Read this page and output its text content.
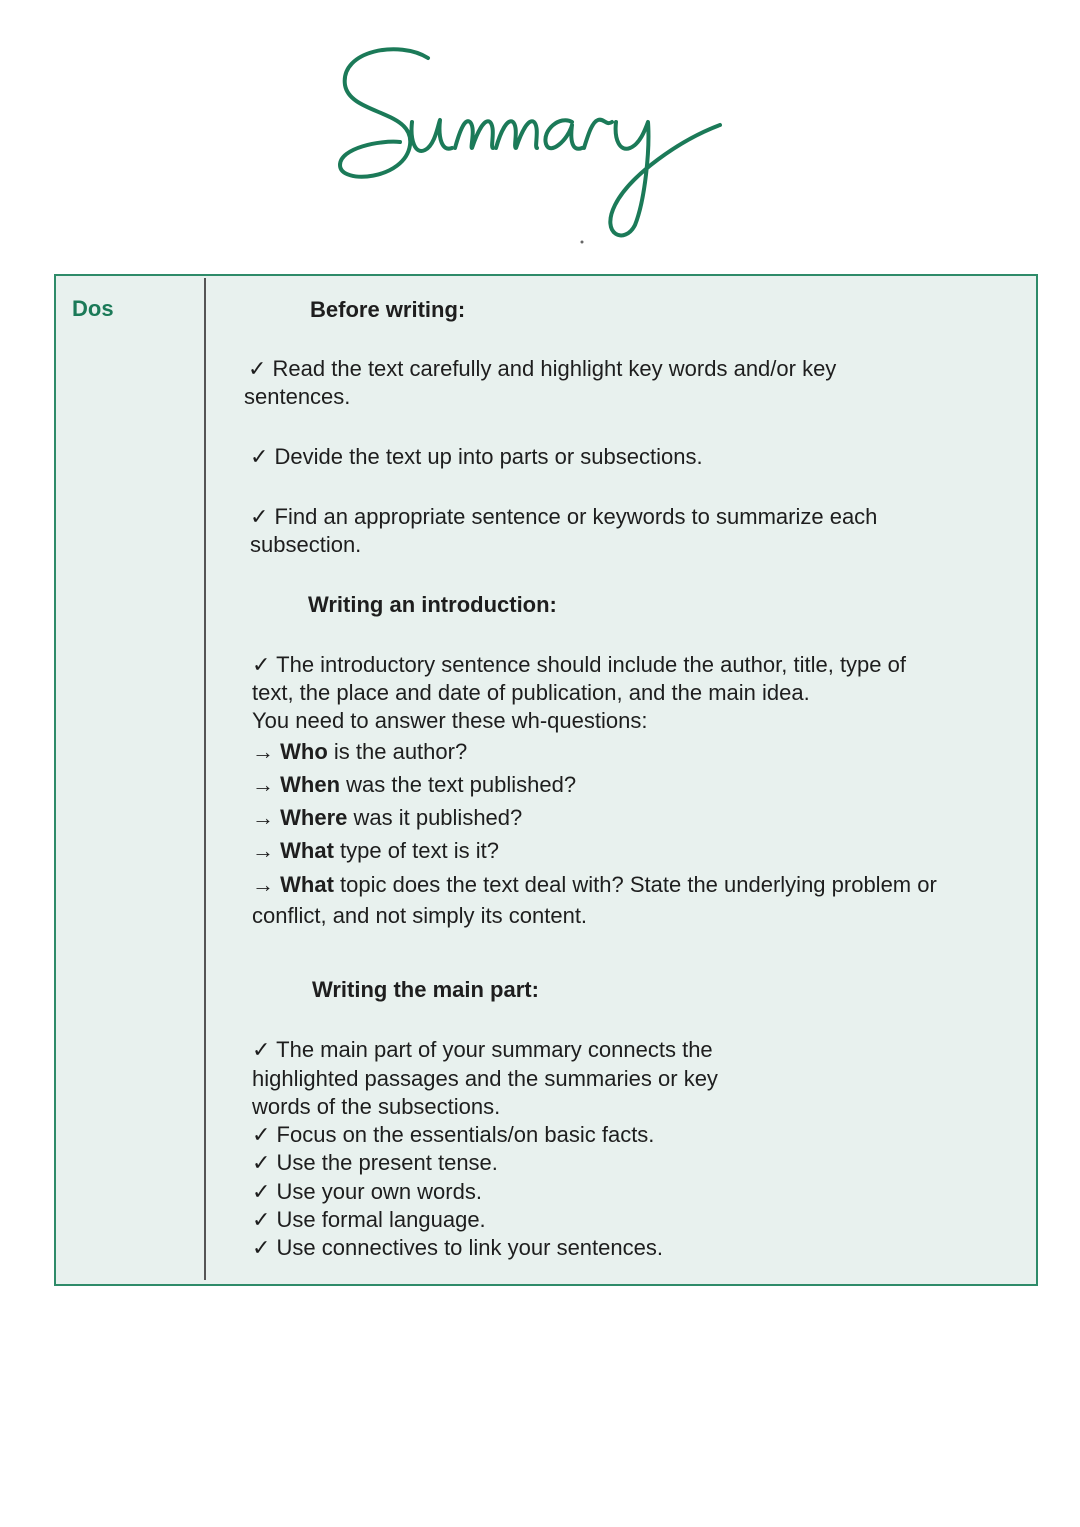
Dos	Before writing:
✓ Read the text carefully and highlight key words and/or key
sentences.
✓ Devide the text up into parts or subsections.
✓ Find an appropriate sentence or keywords to summarize each
subsection.
Writing an introduction:
✓ The introductory sentence should include the author, title, type of
text, the place and date of publication, and the main idea.
You need to answer these wh-questions:
→ Who is the author?
→ When was the text published?
→ Where was it published?
→ What type of text is it?
→ What topic does the text deal with? State the underlying problem or
conflict, and not simply its content.
Writing the main part:
✓ The main part of your summary connects the
highlighted passages and the summaries or key
words of the subsections.
✓ Focus on the essentials/on basic facts.
✓ Use the present tense.
✓ Use your own words.
✓ Use formal language.
✓ Use connectives to link your sentences.
